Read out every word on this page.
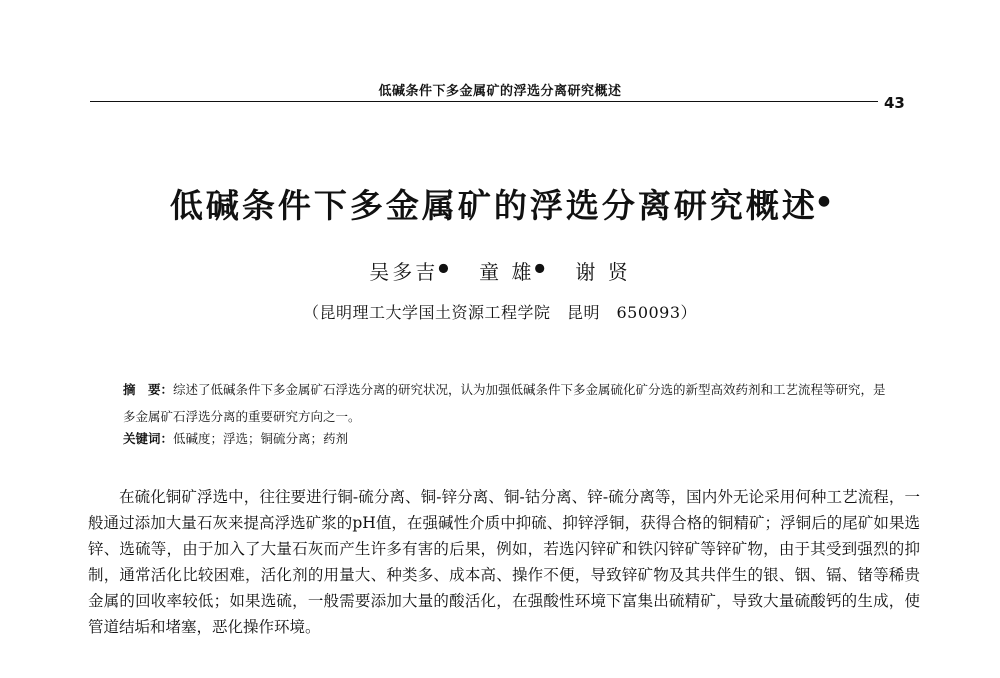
低碱条件下多金属矿的浮选分离研究概述
43
低碱条件下多金属矿的浮选分离研究概述●
吴多吉● 童 雄● 谢 贤
（昆明理工大学国土资源工程学院　昆明　650093）
摘　要：综述了低碱条件下多金属矿石浮选分离的研究状况，认为加强低碱条件下多金属硫化矿分选的新型高效药剂和工艺流程等研究，是多金属矿石浮选分离的重要研究方向之一。
关键词：低碱度；浮选；铜硫分离；药剂

在硫化铜矿浮选中，往往要进行铜-硫分离、铜-锌分离、铜-钴分离、锌-硫分离等，国内外无论采用何种工艺流程，一般通过添加大量石灰来提高浮选矿浆的pH值，在强碱性介质中抑硫、抑锌浮铜，获得合格的铜精矿；浮铜后的尾矿如果选锌、选硫等，由于加入了大量石灰而产生许多有害的后果，例如，若选闪锌矿和铁闪锌矿等锌矿物，由于其受到强烈的抑制，通常活化比较困难，活化剂的用量大、种类多、成本高、操作不便，导致锌矿物及其共伴生的银、铟、镉、锗等稀贵金属的回收率较低；如果选硫，一般需要添加大量的酸活化，在强酸性环境下富集出硫精矿，导致大量硫酸钙的生成，使管道结垢和堵塞，恶化操作环境。
